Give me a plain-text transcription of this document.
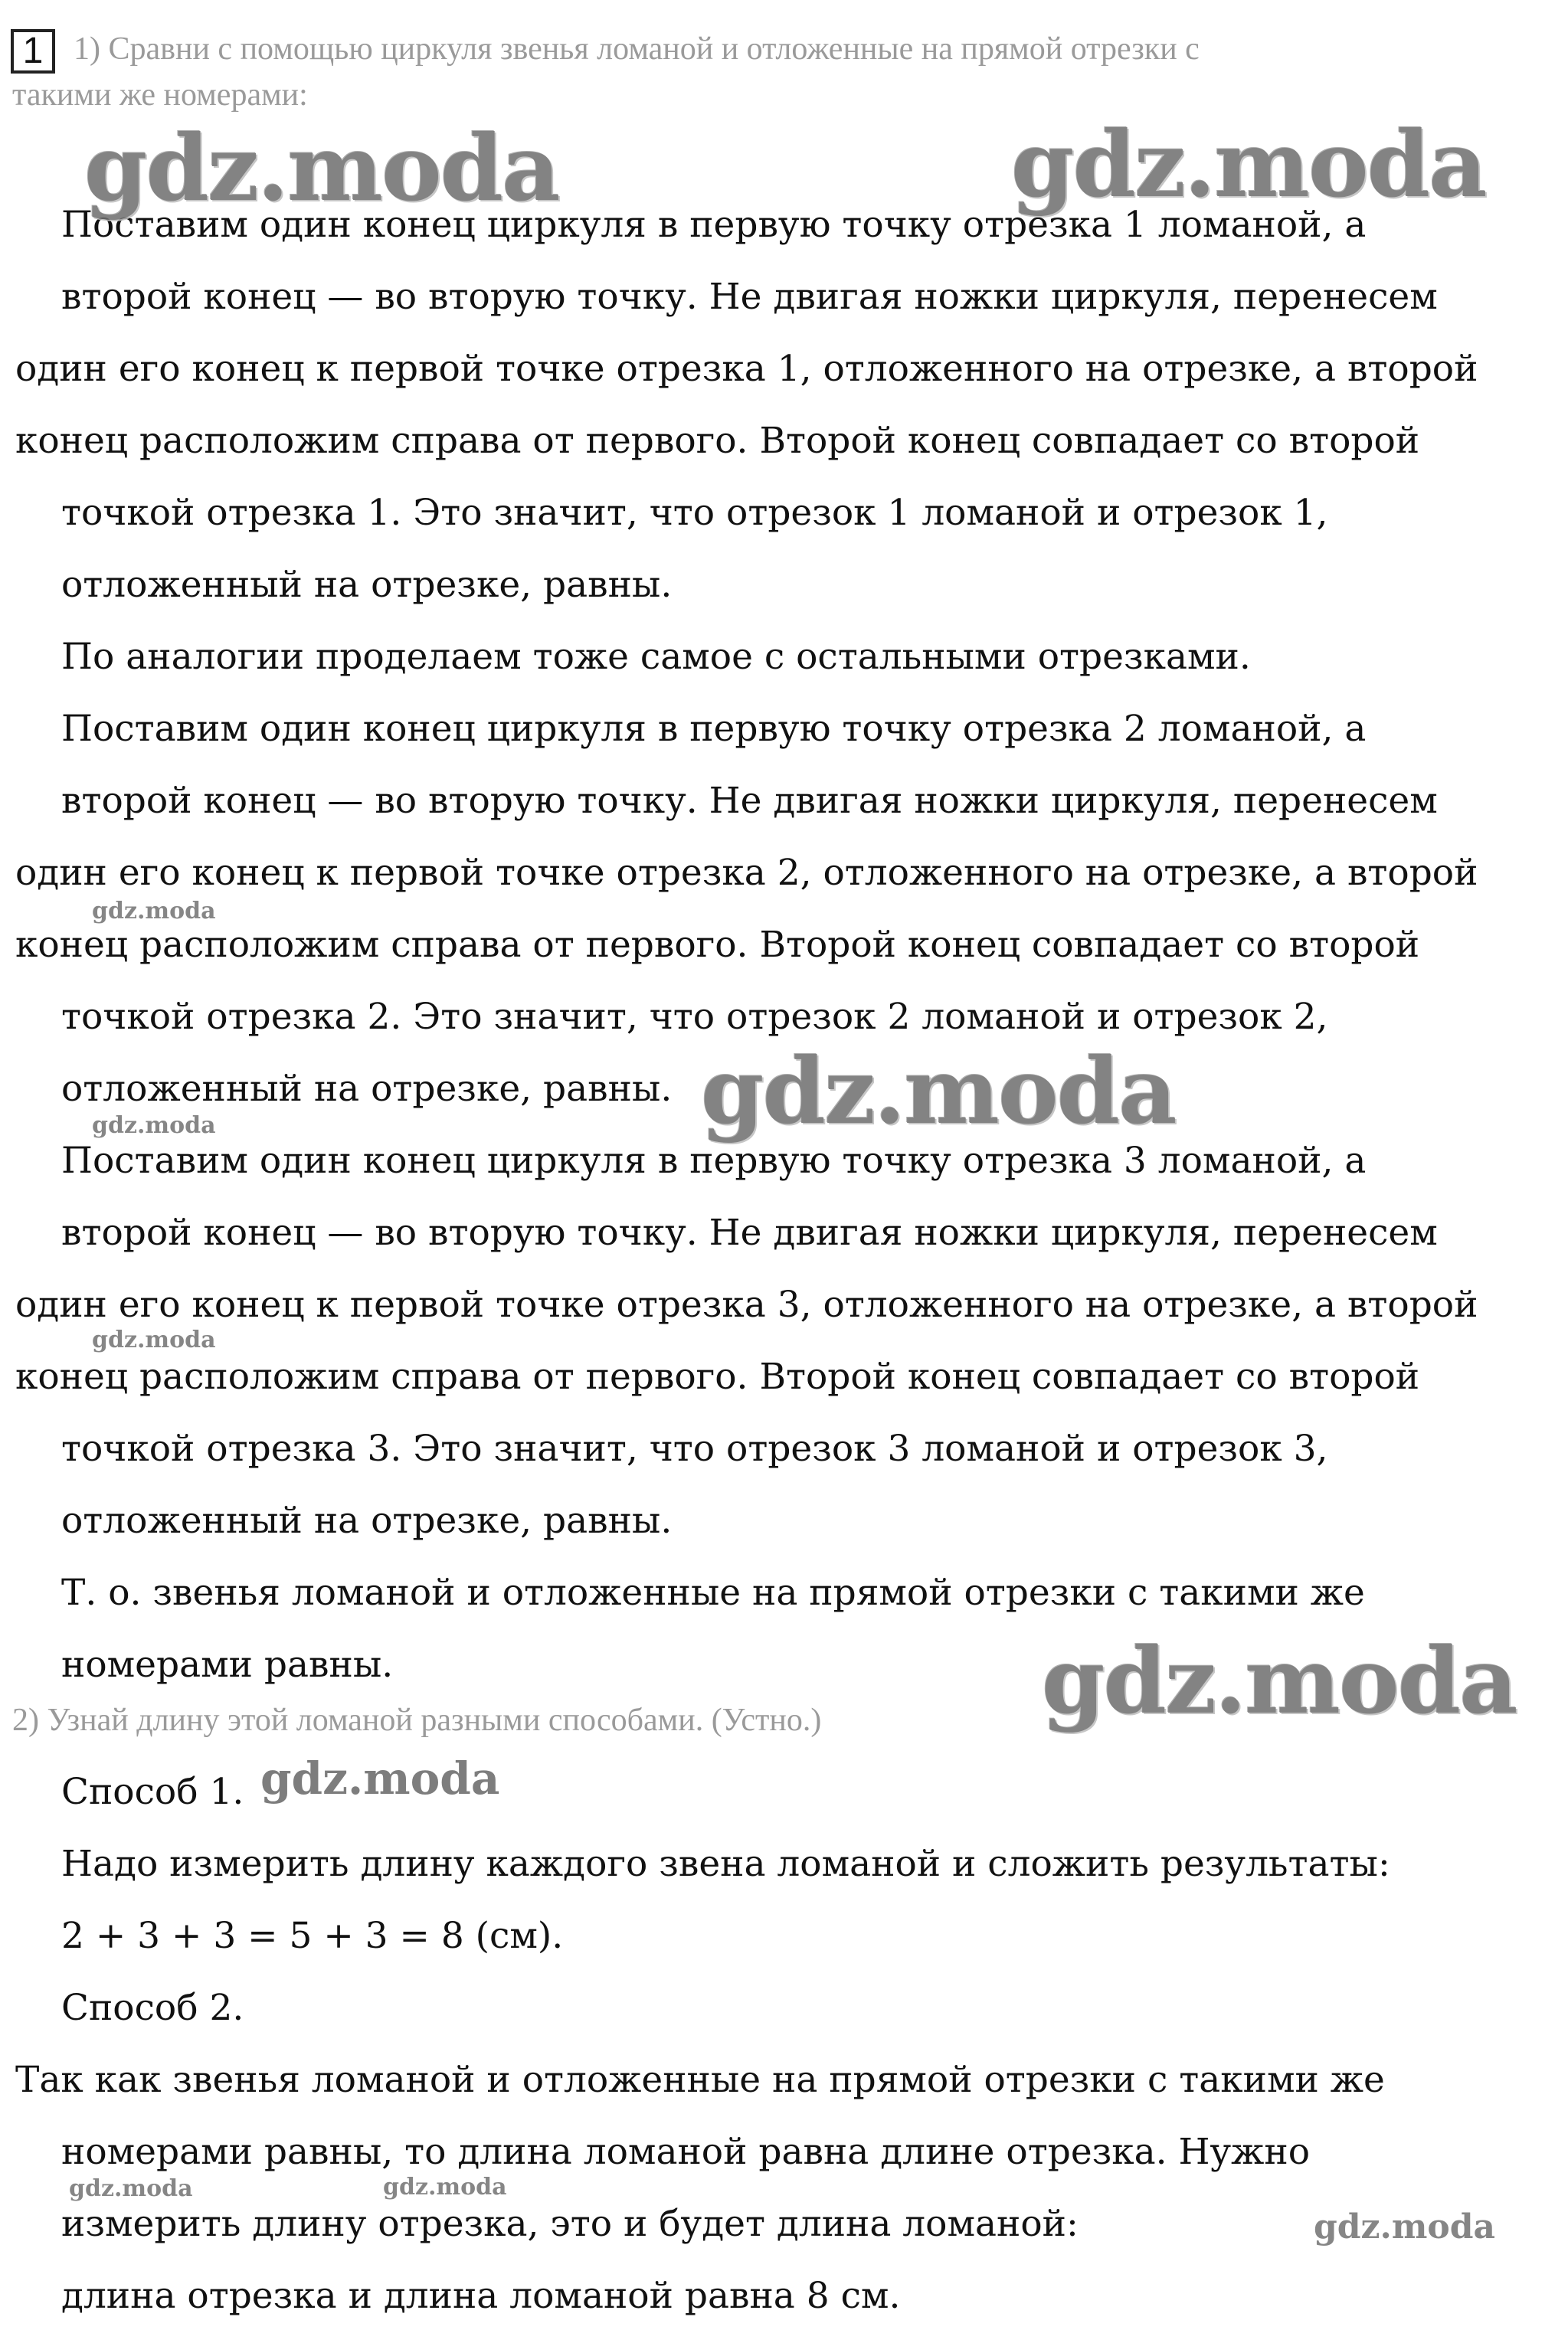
1 1) Сравни с помощью циркуля звенья ломаной и отложенные на прямой отрезки с
такими же номерами:
Поставим один конец циркуля в первую точку отрезка 1 ломаной, а
второй конец — во вторую точку. Не двигая ножки циркуля, перенесем
один его конец к первой точке отрезка 1, отложенного на отрезке, а второй
конец расположим справа от первого. Второй конец совпадает со второй
точкой отрезка 1. Это значит, что отрезок 1 ломаной и отрезок 1,
отложенный на отрезке, равны.
По аналогии проделаем тоже самое с остальными отрезками.
Поставим один конец циркуля в первую точку отрезка 2 ломаной, а
второй конец — во вторую точку. Не двигая ножки циркуля, перенесем
один его конец к первой точке отрезка 2, отложенного на отрезке, а второй
конец расположим справа от первого. Второй конец совпадает со второй
точкой отрезка 2. Это значит, что отрезок 2 ломаной и отрезок 2,
отложенный на отрезке, равны.
Поставим один конец циркуля в первую точку отрезка 3 ломаной, а
второй конец — во вторую точку. Не двигая ножки циркуля, перенесем
один его конец к первой точке отрезка 3, отложенного на отрезке, а второй
конец расположим справа от первого. Второй конец совпадает со второй
точкой отрезка 3. Это значит, что отрезок 3 ломаной и отрезок 3,
отложенный на отрезке, равны.
Т. о. звенья ломаной и отложенные на прямой отрезки с такими же
номерами равны.
2) Узнай длину этой ломаной разными способами. (Устно.)
Способ 1.
Надо измерить длину каждого звена ломаной и сложить результаты:
2 + 3 + 3 = 5 + 3 = 8 (см).
Способ 2.
Так как звенья ломаной и отложенные на прямой отрезки с такими же
номерами равны, то длина ломаной равна длине отрезка. Нужно
измерить длину отрезка, это и будет длина ломаной:
длина отрезка и длина ломаной равна 8 см.
gdz.moda	gdz.moda
gdz.moda
gdz.moda
gdz.moda
gdz.moda
gdz.moda
gdz.moda
gdz.moda	gdz.moda
gdz.moda
